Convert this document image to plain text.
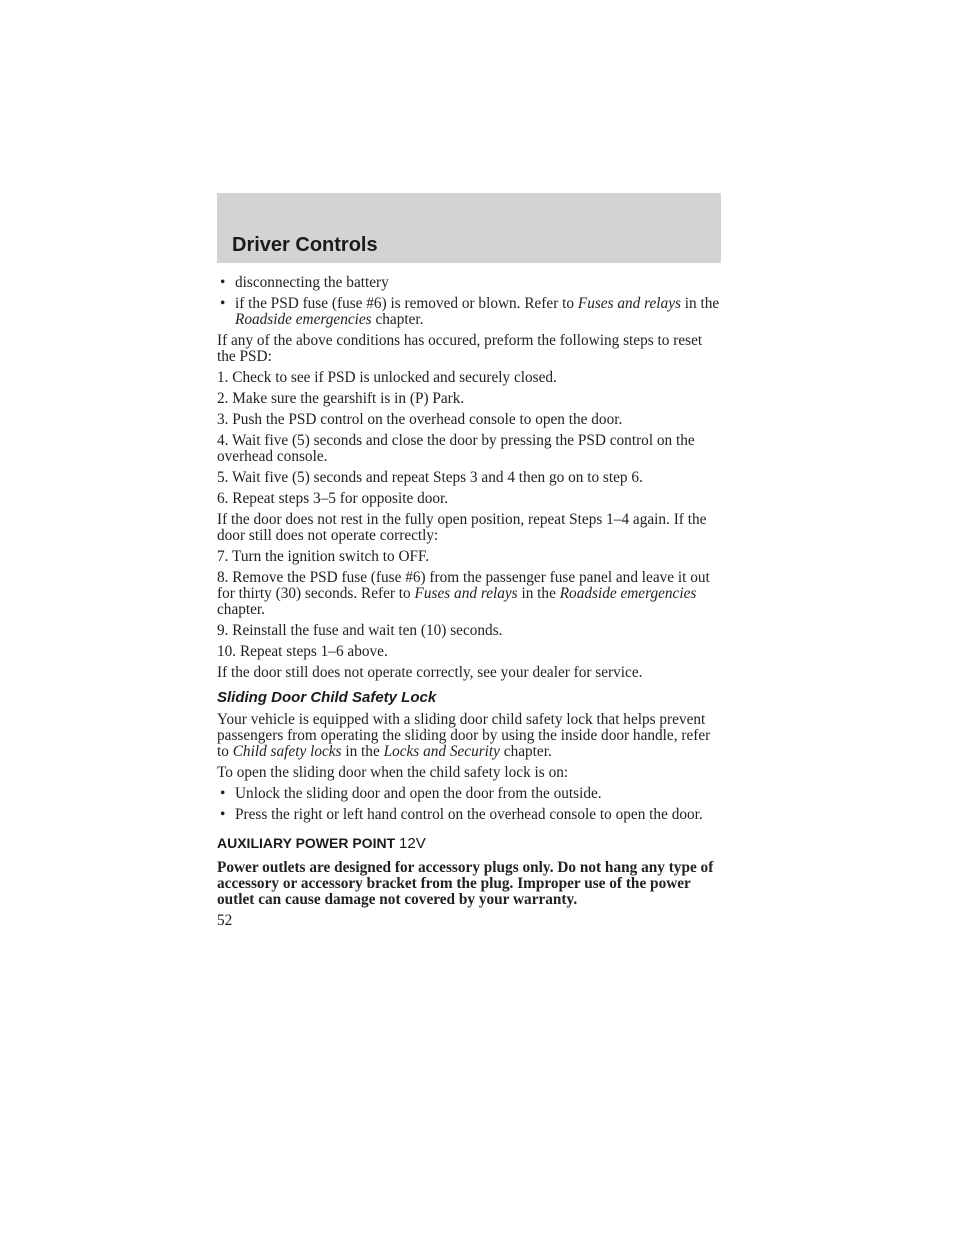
Driver Controls
• disconnecting the battery
• if the PSD fuse (fuse #6) is removed or blown. Refer to Fuses and relays in the Roadside emergencies chapter.

If any of the above conditions has occured, preform the following steps to reset the PSD:

1. Check to see if PSD is unlocked and securely closed.

2. Make sure the gearshift is in (P) Park.

3. Push the PSD control on the overhead console to open the door.

4. Wait five (5) seconds and close the door by pressing the PSD control on the overhead console.

5. Wait five (5) seconds and repeat Steps 3 and 4 then go on to step 6.

6. Repeat steps 3–5 for opposite door.

If the door does not rest in the fully open position, repeat Steps 1–4 again. If the door still does not operate correctly:

7. Turn the ignition switch to OFF.

8. Remove the PSD fuse (fuse #6) from the passenger fuse panel and leave it out for thirty (30) seconds. Refer to Fuses and relays in the Roadside emergencies chapter.

9. Reinstall the fuse and wait ten (10) seconds.

10. Repeat steps 1–6 above.

If the door still does not operate correctly, see your dealer for service.

Sliding Door Child Safety Lock

Your vehicle is equipped with a sliding door child safety lock that helps prevent passengers from operating the sliding door by using the inside door handle, refer to Child safety locks in the Locks and Security chapter.

To open the sliding door when the child safety lock is on:

• Unlock the sliding door and open the door from the outside.
• Press the right or left hand control on the overhead console to open the door.
AUXILIARY POWER POINT 12V

Power outlets are designed for accessory plugs only. Do not hang any type of accessory or accessory bracket from the plug. Improper use of the power outlet can cause damage not covered by your warranty.

52
